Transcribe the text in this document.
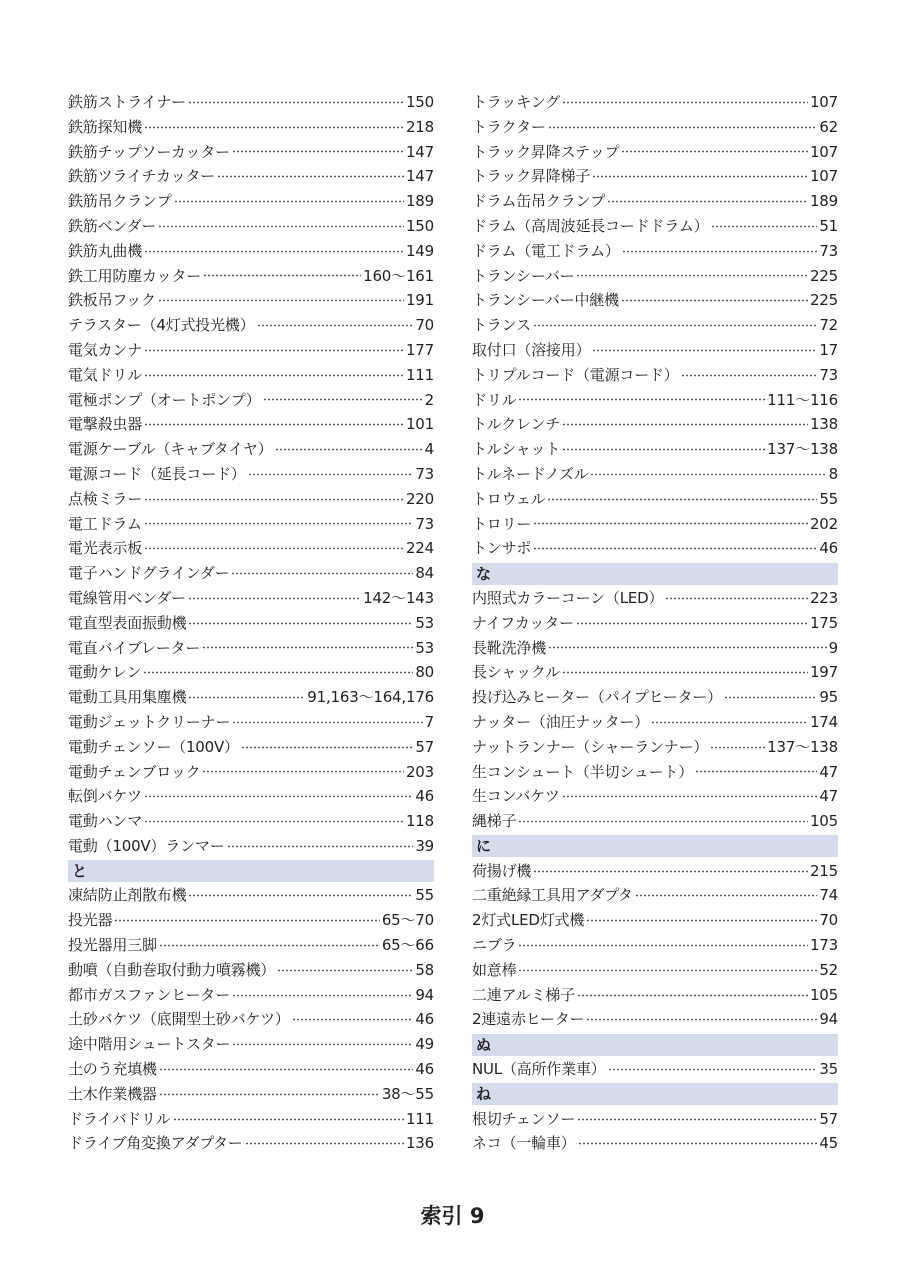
鉄筋ストライナー	150
鉄筋探知機	218
鉄筋チップソーカッター	147
鉄筋ツライチカッター	147
鉄筋吊クランプ	189
鉄筋ベンダー	150
鉄筋丸曲機	149
鉄工用防塵カッター	160～161
鉄板吊フック	191
テラスター（4灯式投光機）	70
電気カンナ	177
電気ドリル	111
電極ポンプ（オートポンプ）	2
電撃殺虫器	101
電源ケーブル（キャブタイヤ）	4
電源コード（延長コード）	73
点検ミラー	220
電工ドラム	73
電光表示板	224
電子ハンドグラインダー	84
電線管用ベンダー	142～143
電直型表面振動機	53
電直バイブレーター	53
電動ケレン	80
電動工具用集塵機	91,163～164,176
電動ジェットクリーナー	7
電動チェンソー（100V）	57
電動チェンブロック	203
転倒バケツ	46
電動ハンマ	118
電動（100V）ランマー	39
と
凍結防止剤散布機	55
投光器	65～70
投光器用三脚	65～66
動噴（自動巻取付動力噴霧機）	58
都市ガスファンヒーター	94
土砂バケツ（底開型土砂バケツ）	46
途中階用シュートスター	49
土のう充填機	46
土木作業機器	38～55
ドライバドリル	111
ドライブ角変換アダプター	136
トラッキング	107
トラクター	62
トラック昇降ステップ	107
トラック昇降梯子	107
ドラム缶吊クランプ	189
ドラム（高周波延長コードドラム）	51
ドラム（電工ドラム）	73
トランシーバー	225
トランシーバー中継機	225
トランス	72
取付口（溶接用）	17
トリプルコード（電源コード）	73
ドリル	111～116
トルクレンチ	138
トルシャット	137～138
トルネードノズル	8
トロウェル	55
トロリー	202
トンサポ	46
な
内照式カラーコーン（LED）	223
ナイフカッター	175
長靴洗浄機	9
長シャックル	197
投げ込みヒーター（パイプヒーター）	95
ナッター（油圧ナッター）	174
ナットランナー（シャーランナー）	137～138
生コンシュート（半切シュート）	47
生コンバケツ	47
縄梯子	105
に
荷揚げ機	215
二重絶縁工具用アダプタ	74
2灯式LED灯式機	70
ニブラ	173
如意棒	52
二連アルミ梯子	105
2連遠赤ヒーター	94
ぬ
NUL（高所作業車）	35
ね
根切チェンソー	57
ネコ（一輪車）	45
索引 9
